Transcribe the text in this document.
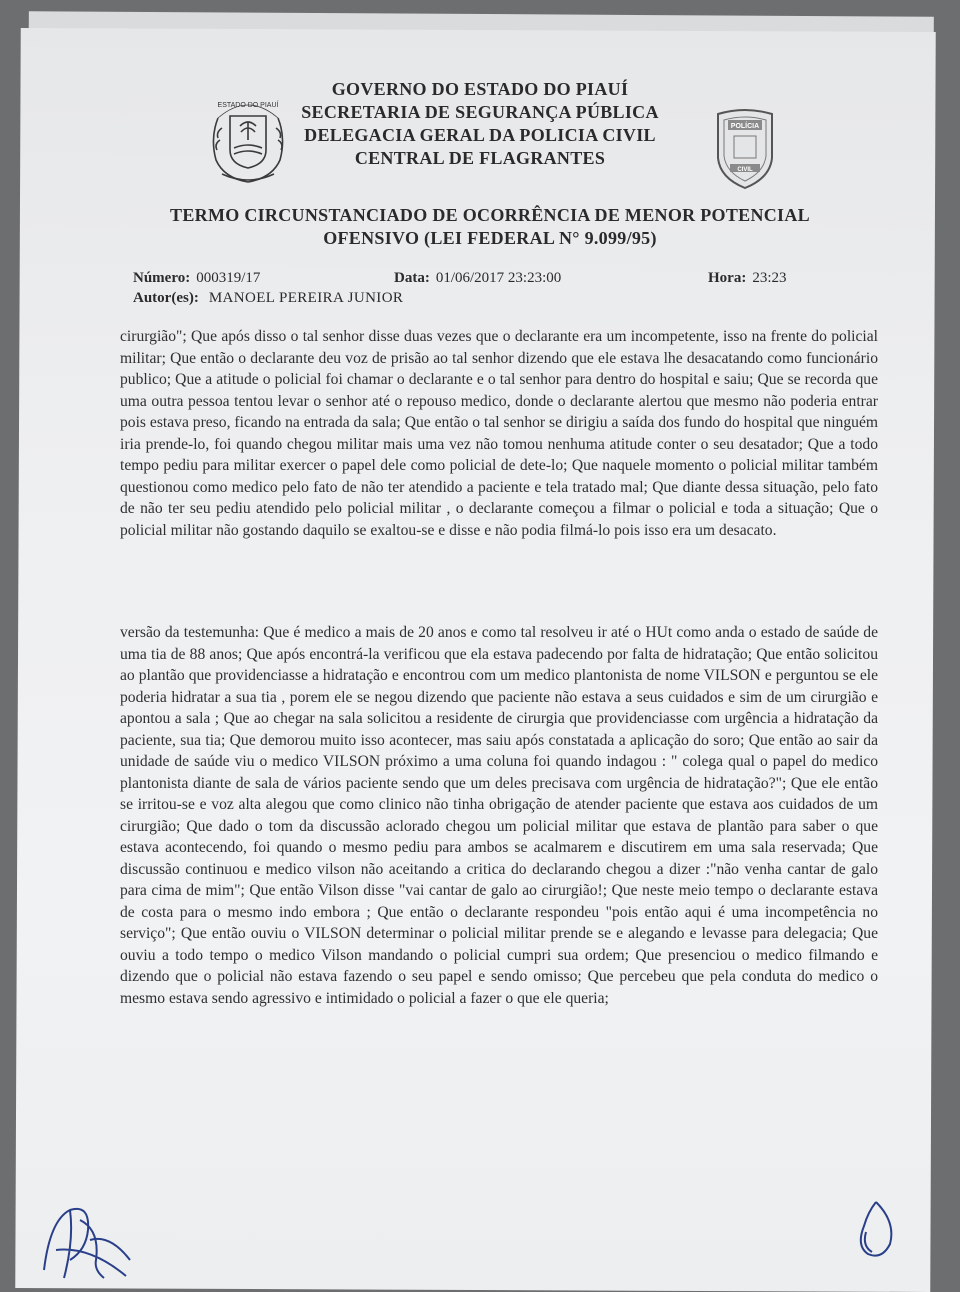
ESTADO DO PIAUÍ
POLÍCIA
CIVIL
GOVERNO DO ESTADO DO PIAUÍ
SECRETARIA DE SEGURANÇA PÚBLICA
DELEGACIA GERAL DA POLICIA CIVIL
CENTRAL DE FLAGRANTES
TERMO CIRCUNSTANCIADO DE OCORRÊNCIA DE MENOR POTENCIAL OFENSIVO (LEI FEDERAL N° 9.099/95)
Número: 000319/17	Data: 01/06/2017 23:23:00	Hora: 23:23
Autor(es): MANOEL PEREIRA JUNIOR

cirurgião"; Que após disso o tal senhor disse duas vezes que o declarante era um incompetente, isso na frente do policial militar; Que então o declarante deu voz de prisão ao tal senhor dizendo que ele estava lhe desacatando como funcionário publico; Que a atitude o policial foi chamar o declarante e o tal senhor para dentro do hospital e saiu; Que se recorda que uma outra pessoa tentou levar o senhor até o repouso medico, donde o declarante alertou que mesmo não poderia entrar pois estava preso, ficando na entrada da sala; Que então o tal senhor se dirigiu a saída dos fundo do hospital que ninguém iria prende-lo, foi quando chegou militar mais uma vez não tomou nenhuma atitude conter o seu desatador; Que a todo tempo pediu para militar exercer o papel dele como policial de dete-lo; Que naquele momento o policial militar também questionou como medico pelo fato de não ter atendido a paciente e tela tratado mal; Que diante dessa situação, pelo fato de não ter seu pediu atendido pelo policial militar , o declarante começou a filmar o policial e toda a situação; Que o policial militar não gostando daquilo se exaltou-se e disse e não podia filmá-lo pois isso era um desacato.

versão da testemunha: Que é medico a mais de 20 anos e como tal resolveu ir até o HUt como anda o estado de saúde de uma tia de 88 anos; Que após encontrá-la verificou que ela estava padecendo por falta de hidratação; Que então solicitou ao plantão que providenciasse a hidratação e encontrou com um medico plantonista de nome VILSON e perguntou se ele poderia hidratar a sua tia , porem ele se negou dizendo que paciente não estava a seus cuidados e sim de um cirurgião e apontou a sala ; Que ao chegar na sala solicitou a residente de cirurgia que providenciasse com urgência a hidratação da paciente, sua tia; Que demorou muito isso acontecer, mas saiu após constatada a aplicação do soro; Que então ao sair da unidade de saúde viu o medico VILSON próximo a uma coluna foi quando indagou : " colega qual o papel do medico plantonista diante de sala de vários paciente sendo que um deles precisava com urgência de hidratação?"; Que ele então se irritou-se e voz alta alegou que como clinico não tinha obrigação de atender paciente que estava aos cuidados de um cirurgião; Que dado o tom da discussão aclorado chegou um policial militar que estava de plantão para saber o que estava acontecendo, foi quando o mesmo pediu para ambos se acalmarem e discutirem em uma sala reservada; Que discussão continuou e medico vilson não aceitando a critica do declarando chegou a dizer :"não venha cantar de galo para cima de mim"; Que então Vilson disse "vai cantar de galo ao cirurgião!; Que neste meio tempo o declarante estava de costa para o mesmo indo embora ; Que então o declarante respondeu "pois então aqui é uma incompetência no serviço"; Que então ouviu o VILSON determinar o policial militar prende se e alegando e levasse para delegacia; Que ouviu a todo tempo o medico Vilson mandando o policial cumpri sua ordem; Que presenciou o medico filmando e dizendo que o policial não estava fazendo o seu papel e sendo omisso; Que percebeu que pela conduta do medico o mesmo estava sendo agressivo e intimidado o policial a fazer o que ele queria;
